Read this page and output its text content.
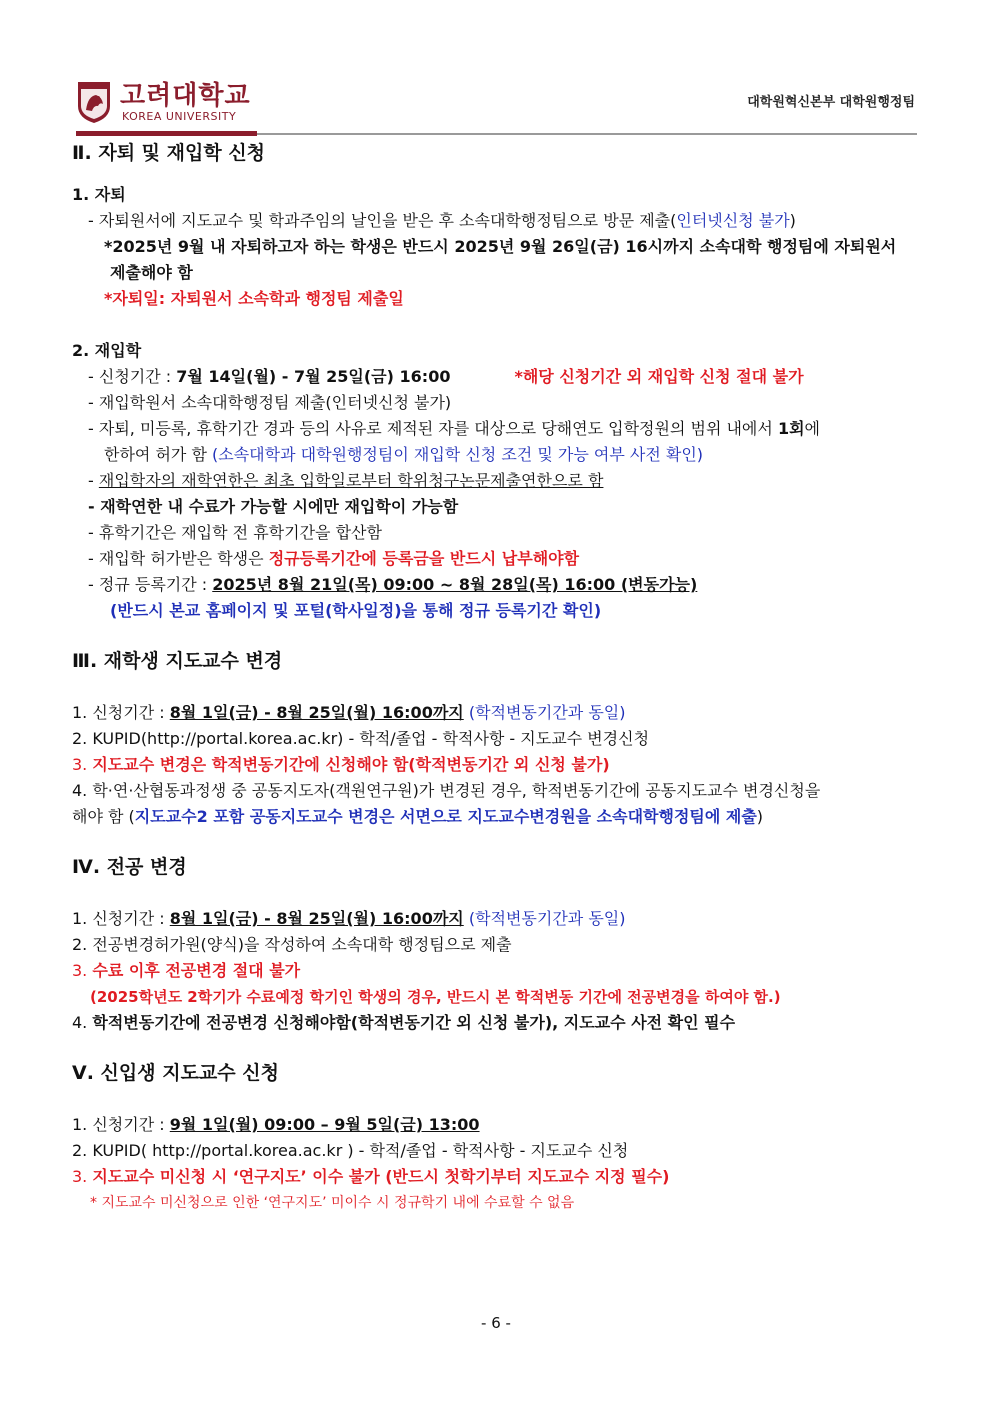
고려대학교
KOREA UNIVERSITY
대학원혁신본부 대학원행정팀
Ⅱ. 자퇴 및 재입학 신청
1. 자퇴
- 자퇴원서에 지도교수 및 학과주임의 날인을 받은 후 소속대학행정팀으로 방문 제출(인터넷신청 불가)
*2025년 9월 내 자퇴하고자 하는 학생은 반드시 2025년 9월 26일(금) 16시까지 소속대학 행정팀에 자퇴원서
제출해야 함
*자퇴일: 자퇴원서 소속학과 행정팀 제출일
2. 재입학
- 신청기간 : 7월 14일(월) - 7월 25일(금) 16:00	*해당 신청기간 외 재입학 신청 절대 불가
- 재입학원서 소속대학행정팀 제출(인터넷신청 불가)
- 자퇴, 미등록, 휴학기간 경과 등의 사유로 제적된 자를 대상으로 당해연도 입학정원의 범위 내에서 1회에
한하여 허가 함 (소속대학과 대학원행정팀이 재입학 신청 조건 및 가능 여부 사전 확인)
- 재입학자의 재학연한은 최초 입학일로부터 학위청구논문제출연한으로 함
- 재학연한 내 수료가 가능할 시에만 재입학이 가능함
- 휴학기간은 재입학 전 휴학기간을 합산함
- 재입학 허가받은 학생은 정규등록기간에 등록금을 반드시 납부해야함
- 정규 등록기간 : 2025년 8월 21일(목) 09:00 ~ 8월 28일(목) 16:00 (변동가능)
(반드시 본교 홈페이지 및 포털(학사일정)을 통해 정규 등록기간 확인)
Ⅲ. 재학생 지도교수 변경
1. 신청기간 : 8월 1일(금) - 8월 25일(월) 16:00까지 (학적변동기간과 동일)
2. KUPID(http://portal.korea.ac.kr) - 학적/졸업 - 학적사항 - 지도교수 변경신청
3. 지도교수 변경은 학적변동기간에 신청해야 함(학적변동기간 외 신청 불가)
4. 학·연·산협동과정생 중 공동지도자(객원연구원)가 변경된 경우, 학적변동기간에 공동지도교수 변경신청을
해야 함 (지도교수2 포함 공동지도교수 변경은 서면으로 지도교수변경원을 소속대학행정팀에 제출)
Ⅳ. 전공 변경
1. 신청기간 : 8월 1일(금) - 8월 25일(월) 16:00까지 (학적변동기간과 동일)
2. 전공변경허가원(양식)을 작성하여 소속대학 행정팀으로 제출
3. 수료 이후 전공변경 절대 불가
(2025학년도 2학기가 수료예정 학기인 학생의 경우, 반드시 본 학적변동 기간에 전공변경을 하여야 함.)
4. 학적변동기간에 전공변경 신청해야함(학적변동기간 외 신청 불가), 지도교수 사전 확인 필수
Ⅴ. 신입생 지도교수 신청
1. 신청기간 : 9월 1일(월) 09:00 – 9월 5일(금) 13:00
2. KUPID( http://portal.korea.ac.kr ) - 학적/졸업 - 학적사항 - 지도교수 신청
3. 지도교수 미신청 시 ‘연구지도’ 이수 불가 (반드시 첫학기부터 지도교수 지정 필수)
* 지도교수 미신청으로 인한 ‘연구지도’ 미이수 시 정규학기 내에 수료할 수 없음
- 6 -
